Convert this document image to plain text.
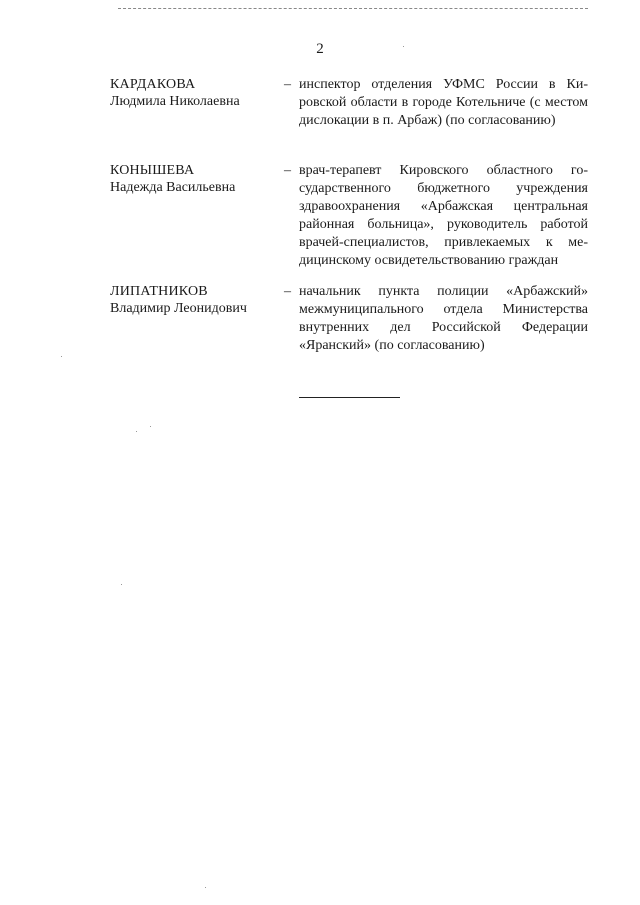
2
КАРДАКОВА
Людмила Николаевна
– инспектор отделения УФМС России в Кировской области в городе Котельниче (с местом дислокации в п. Арбаж) (по согласованию)
КОНЫШЕВА
Надежда Васильевна
– врач-терапевт Кировского областного государственного бюджетного учреждения здравоохранения «Арбажская центральная районная больница», руководитель работой врачей-специалистов, привлекаемых к медицинскому освидетельствованию граждан
ЛИПАТНИКОВ
Владимир Леонидович
– начальник пункта полиции «Арбажский» межмуниципального отдела Министерства внутренних дел Российской Федерации «Яранский» (по согласованию)
